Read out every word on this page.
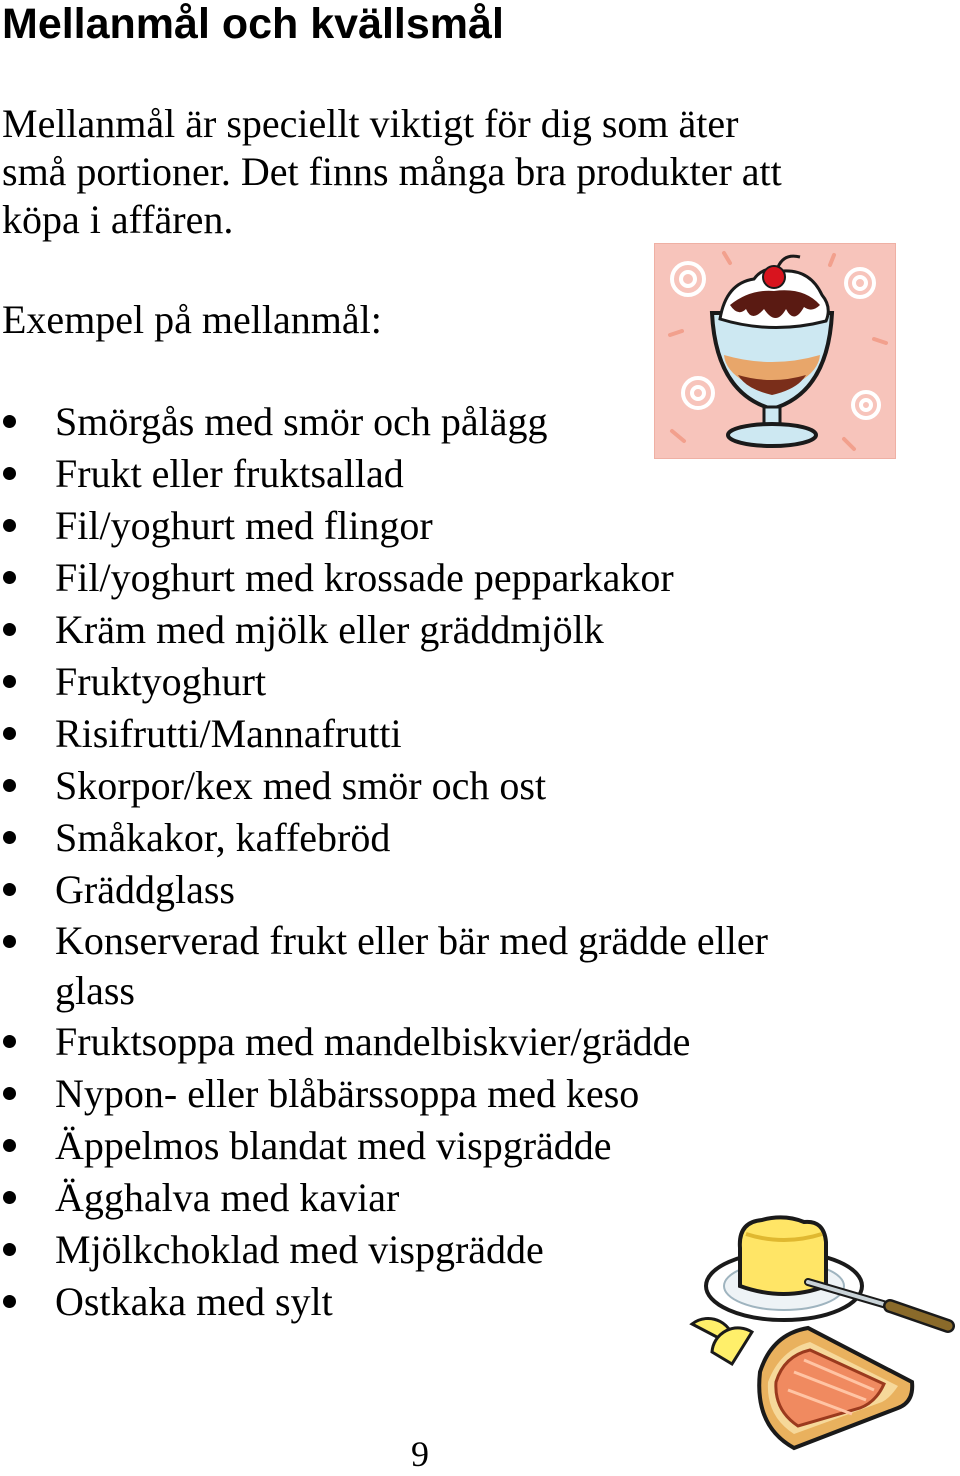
Mellanmål och kvällsmål

Mellanmål är speciellt viktigt för dig som äter
små portioner. Det finns många bra produkter att
köpa i affären.

Exempel på mellanmål:

Smörgås med smör och pålägg
Frukt eller fruktsallad
Fil/yoghurt med flingor
Fil/yoghurt med krossade pepparkakor
Kräm med mjölk eller gräddmjölk
Fruktyoghurt
Risifrutti/Mannafrutti
Skorpor/kex med smör och ost
Småkakor, kaffebröd
Gräddglass
Konserverad frukt eller bär med grädde eller
glass
Fruktsoppa med mandelbiskvier/grädde
Nypon- eller blåbärssoppa med keso
Äppelmos blandat med vispgrädde
Ägghalva med kaviar
Mjölkchoklad med vispgrädde
Ostkaka med sylt
9
